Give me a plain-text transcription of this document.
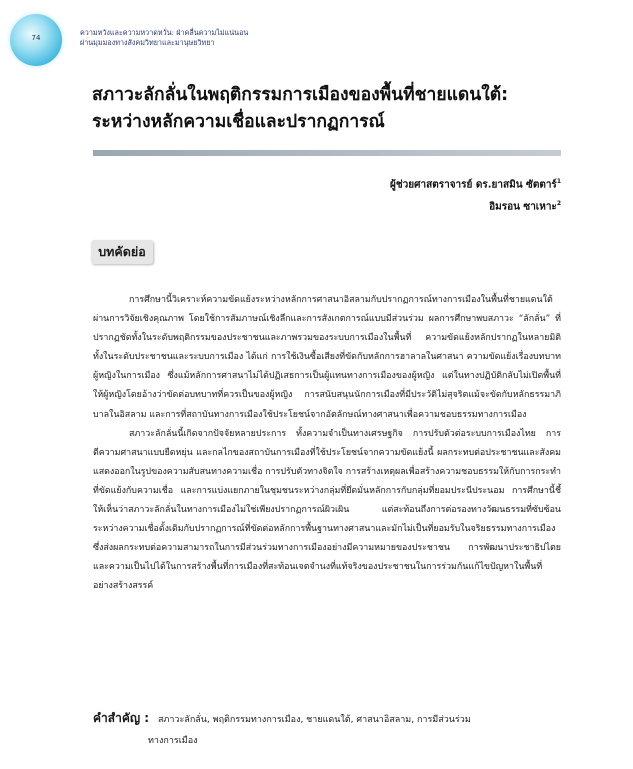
74
ความหวังและความหวาดหวั่น: ฝ่าคลื่นความไม่แน่นอน
ผ่านมุมมองทางสังคมวิทยาและมานุษยวิทยา
สภาวะลักลั่นในพฤติกรรมการเมืองของพื้นที่ชายแดนใต้:
ระหว่างหลักความเชื่อและปรากฏการณ์
ผู้ช่วยศาสตราจารย์ ดร.ยาสมิน ซัตตาร์$^1$
อิมรอน ซาเหาะ$^2$
บทคัดย่อ

การศึกษานี้วิเคราะห์ความขัดแย้งระหว่างหลักการศาสนาอิสลามกับปรากฏการณ์ทางการเมืองในพื้นที่ชายแดนใต้ผ่านการวิจัยเชิงคุณภาพ โดยใช้การสัมภาษณ์เชิงลึกและการสังเกตการณ์แบบมีส่วนร่วม ผลการศึกษาพบสภาวะ “ลักลั่น” ที่ปรากฏชัดทั้งในระดับพฤติกรรมของประชาชนและภาพรวมของระบบการเมืองในพื้นที่ ความขัดแย้งหลักปรากฏในหลายมิติ ทั้งในระดับประชาชนและระบบการเมือง ได้แก่ การใช้เงินซื้อเสียงที่ขัดกับหลักการฮาลาลในศาสนา ความขัดแย้งเรื่องบทบาทผู้หญิงในการเมือง ซึ่งแม้หลักการศาสนาไม่ได้ปฏิเสธการเป็นผู้แทนทางการเมืองของผู้หญิง แต่ในทางปฏิบัติกลับไม่เปิดพื้นที่ให้ผู้หญิงโดยอ้างว่าขัดต่อบทบาทที่ควรเป็นของผู้หญิง การสนับสนุนนักการเมืองที่มีประวัติไม่สุจริตแม้จะขัดกับหลักธรรมาภิบาลในอิสลาม และการที่สถาบันทางการเมืองใช้ประโยชน์จากอัตลักษณ์ทางศาสนาเพื่อความชอบธรรมทางการเมือง

สภาวะลักลั่นนี้เกิดจากปัจจัยหลายประการ ทั้งความจำเป็นทางเศรษฐกิจ การปรับตัวต่อระบบการเมืองไทย การตีความศาสนาแบบยืดหยุ่น และกลไกของสถาบันการเมืองที่ใช้ประโยชน์จากความขัดแย้งนี้ ผลกระทบต่อประชาชนและสังคมแสดงออกในรูปของความสับสนทางความเชื่อ การปรับตัวทางจิตใจ การสร้างเหตุผลเพื่อสร้างความชอบธรรมให้กับการกระทำที่ขัดแย้งกับความเชื่อ และการแบ่งแยกภายในชุมชนระหว่างกลุ่มที่ยึดมั่นหลักการกับกลุ่มที่ยอมประนีประนอม การศึกษานี้ชี้ให้เห็นว่าสภาวะลักลั่นในทางการเมืองไม่ใช่เพียงปรากฏการณ์ผิวเผิน แต่สะท้อนถึงการต่อรองทางวัฒนธรรมที่ซับซ้อนระหว่างความเชื่อดั้งเดิมกับปรากฏการณ์ที่ขัดต่อหลักการพื้นฐานทางศาสนาและมักไม่เป็นที่ยอมรับในจริยธรรมทางการเมือง ซึ่งส่งผลกระทบต่อความสามารถในการมีส่วนร่วมทางการเมืองอย่างมีความหมายของประชาชน การพัฒนาประชาธิปไตย และความเป็นไปได้ในการสร้างพื้นที่การเมืองที่สะท้อนเจตจำนงที่แท้จริงของประชาชนในการร่วมกันแก้ไขปัญหาในพื้นที่อย่างสร้างสรรค์

คำสำคัญ : สภาวะลักลั่น, พฤติกรรมทางการเมือง, ชายแดนใต้, ศาสนาอิสลาม, การมีส่วนร่วม
ทางการเมือง
